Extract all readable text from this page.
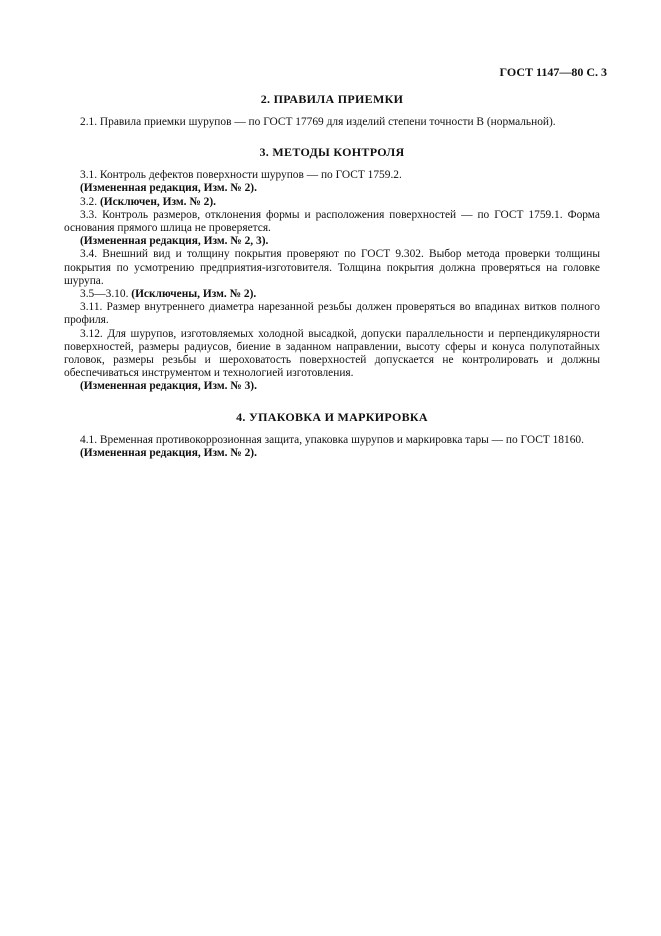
ГОСТ 1147—80 С. 3
2. ПРАВИЛА ПРИЕМКИ

2.1. Правила приемки шурупов — по ГОСТ 17769 для изделий степени точности В (нормальной).

3. МЕТОДЫ КОНТРОЛЯ

3.1. Контроль дефектов поверхности шурупов — по ГОСТ 1759.2.

(Измененная редакция, Изм. № 2).

3.2. (Исключен, Изм. № 2).

3.3. Контроль размеров, отклонения формы и расположения поверхностей — по ГОСТ 1759.1. Форма основания прямого шлица не проверяется.

(Измененная редакция, Изм. № 2, 3).

3.4. Внешний вид и толщину покрытия проверяют по ГОСТ 9.302. Выбор метода проверки толщины покрытия по усмотрению предприятия-изготовителя. Толщина покрытия должна проверяться на головке шурупа.

3.5—3.10. (Исключены, Изм. № 2).

3.11. Размер внутреннего диаметра нарезанной резьбы должен проверяться во впадинах витков полного профиля.

3.12. Для шурупов, изготовляемых холодной высадкой, допуски параллельности и перпендикулярности поверхностей, размеры радиусов, биение в заданном направлении, высоту сферы и конуса полупотайных головок, размеры резьбы и шероховатость поверхностей допускается не контролировать и должны обеспечиваться инструментом и технологией изготовления.

(Измененная редакция, Изм. № 3).

4. УПАКОВКА И МАРКИРОВКА

4.1. Временная противокоррозионная защита, упаковка шурупов и маркировка тары — по ГОСТ 18160.

(Измененная редакция, Изм. № 2).
